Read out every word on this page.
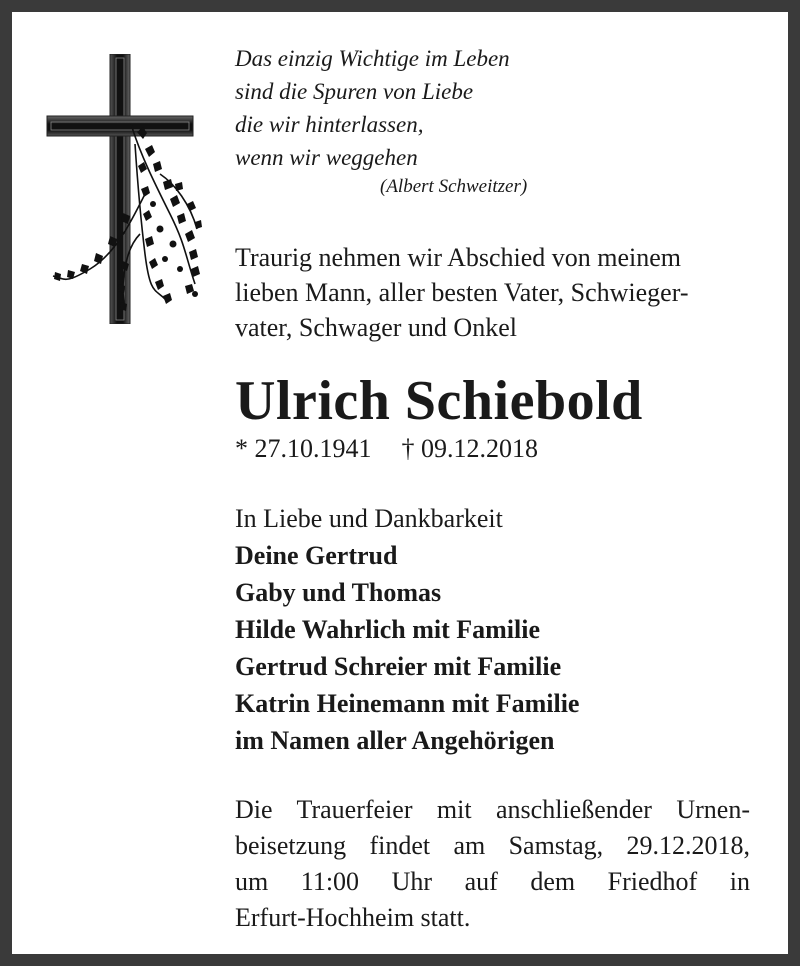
Das einzig Wichtige im Leben
sind die Spuren von Liebe
die wir hinterlassen,
wenn wir weggehen
(Albert Schweitzer)
Traurig nehmen wir Abschied von meinem
lieben Mann, aller besten Vater, Schwieger-
vater, Schwager und Onkel
Ulrich Schiebold
* 27.10.1941 † 09.12.2018
In Liebe und Dankbarkeit
Deine Gertrud
Gaby und Thomas
Hilde Wahrlich mit Familie
Gertrud Schreier mit Familie
Katrin Heinemann mit Familie
im Namen aller Angehörigen
Die Trauerfeier mit anschließender Urnen-
beisetzung findet am Samstag, 29.12.2018,
um 11:00 Uhr auf dem Friedhof in
Erfurt-Hochheim statt.
